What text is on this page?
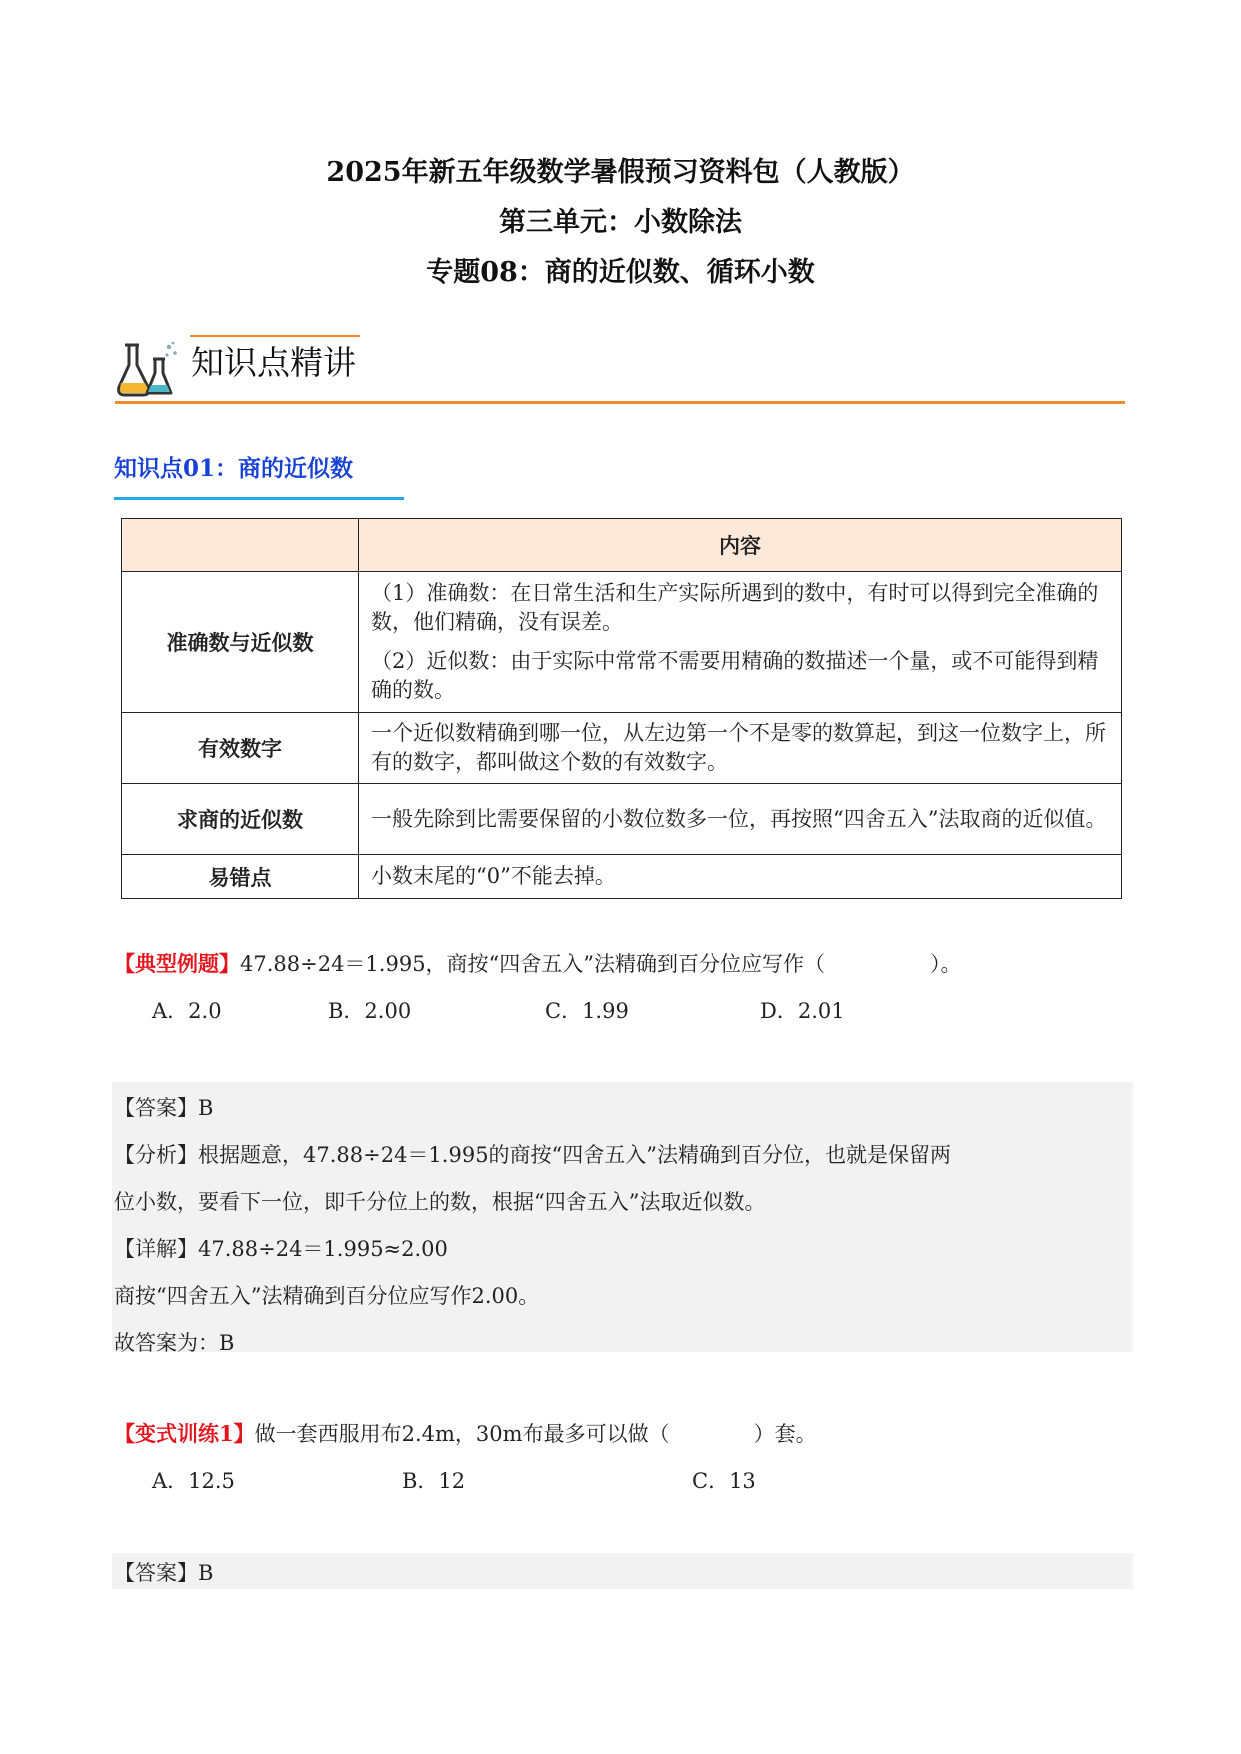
2025年新五年级数学暑假预习资料包（人教版）
第三单元：小数除法
专题08：商的近似数、循环小数
知识点精讲
知识点01：商的近似数
	内容
准确数与近似数	（1）准确数：在日常生活和生产实际所遇到的数中，有时可以得到完全准确的数，他们精确，没有误差。

（2）近似数：由于实际中常常不需要用精确的数描述一个量，或不可能得到精确的数。

有效数字	一个近似数精确到哪一位，从左边第一个不是零的数算起，到这一位数字上，所有的数字，都叫做这个数的有效数字。

求商的近似数	一般先除到比需要保留的小数位数多一位，再按照“四舍五入”法取商的近似值。

易错点	小数末尾的“0”不能去掉。

【典型例题】47.88÷24＝1.995，商按“四舍五入”法精确到百分位应写作（　　　　　）。
A．2.0	B．2.00	C．1.99	D．2.01
【答案】B
【分析】根据题意，47.88÷24＝1.995的商按“四舍五入”法精确到百分位，也就是保留两
位小数，要看下一位，即千分位上的数，根据“四舍五入”法取近似数。
【详解】47.88÷24＝1.995≈2.00
商按“四舍五入”法精确到百分位应写作2.00。
故答案为：B
【变式训练1】做一套西服用布2.4m，30m布最多可以做（　　　　）套。
A．12.5	B．12	C．13
【答案】B
